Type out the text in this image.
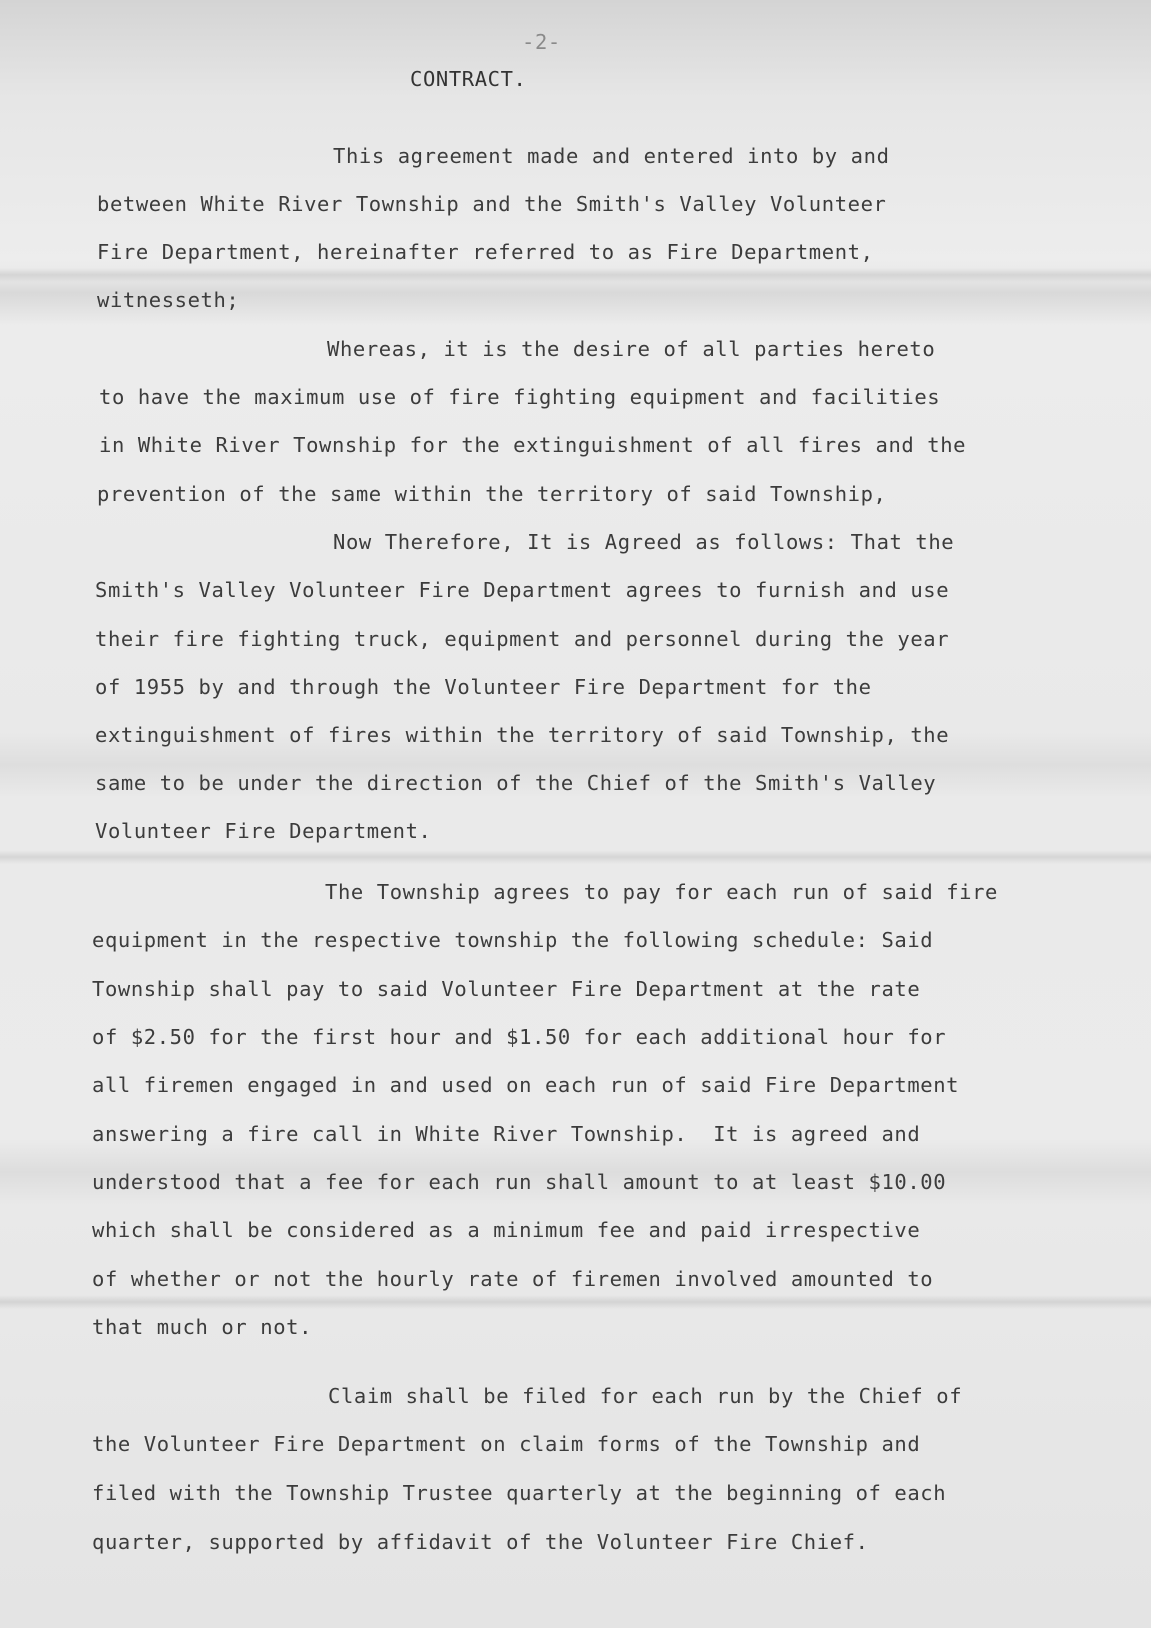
-2-
CONTRACT.
This agreement made and entered into by and
between White River Township and the Smith's Valley Volunteer
Fire Department, hereinafter referred to as Fire Department,
witnesseth;
Whereas, it is the desire of all parties hereto
to have the maximum use of fire fighting equipment and facilities
in White River Township for the extinguishment of all fires and the
prevention of the same within the territory of said Township,
Now Therefore, It is Agreed as follows: That the
Smith's Valley Volunteer Fire Department agrees to furnish and use
their fire fighting truck, equipment and personnel during the year
of 1955 by and through the Volunteer Fire Department for the
extinguishment of fires within the territory of said Township, the
same to be under the direction of the Chief of the Smith's Valley
Volunteer Fire Department.
The Township agrees to pay for each run of said fire
equipment in the respective township the following schedule: Said
Township shall pay to said Volunteer Fire Department at the rate
of $2.50 for the first hour and $1.50 for each additional hour for
all firemen engaged in and used on each run of said Fire Department
answering a fire call in White River Township.  It is agreed and
understood that a fee for each run shall amount to at least $10.00
which shall be considered as a minimum fee and paid irrespective
of whether or not the hourly rate of firemen involved amounted to
that much or not.
Claim shall be filed for each run by the Chief of
the Volunteer Fire Department on claim forms of the Township and
filed with the Township Trustee quarterly at the beginning of each
quarter, supported by affidavit of the Volunteer Fire Chief.
